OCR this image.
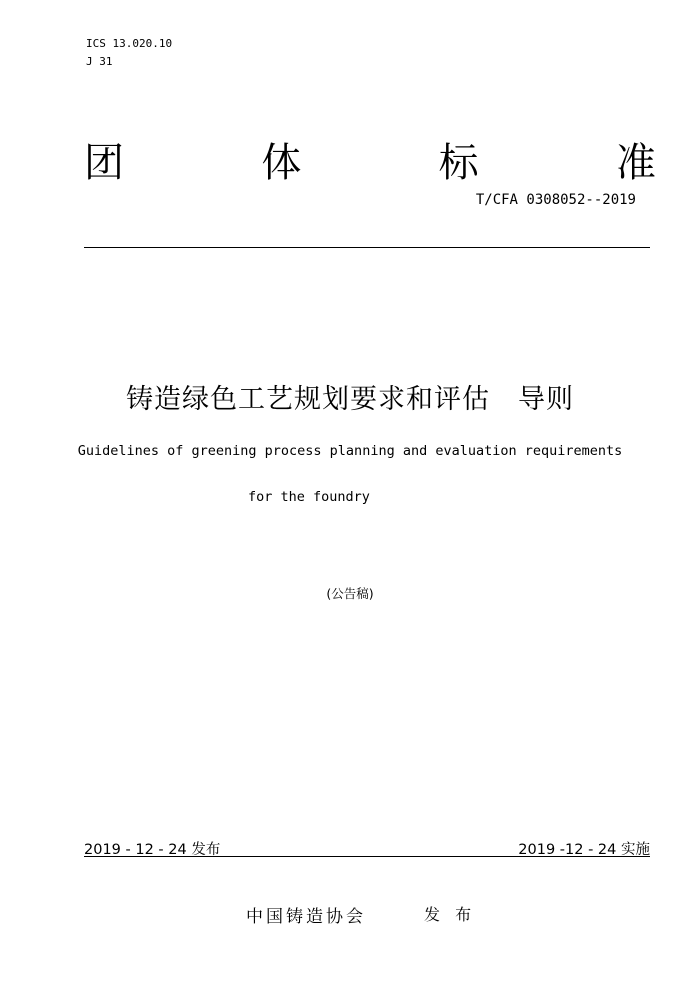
ICS 13.020.10
J 31
团	体	标	准
T/CFA 0308052--2019
铸造绿色工艺规划要求和评估　导则
Guidelines of greening process planning and evaluation requirements
for the foundry
(公告稿)
2019 - 12 - 24 发布	2019 -12 - 24 实施
中国铸造协会	发 布
